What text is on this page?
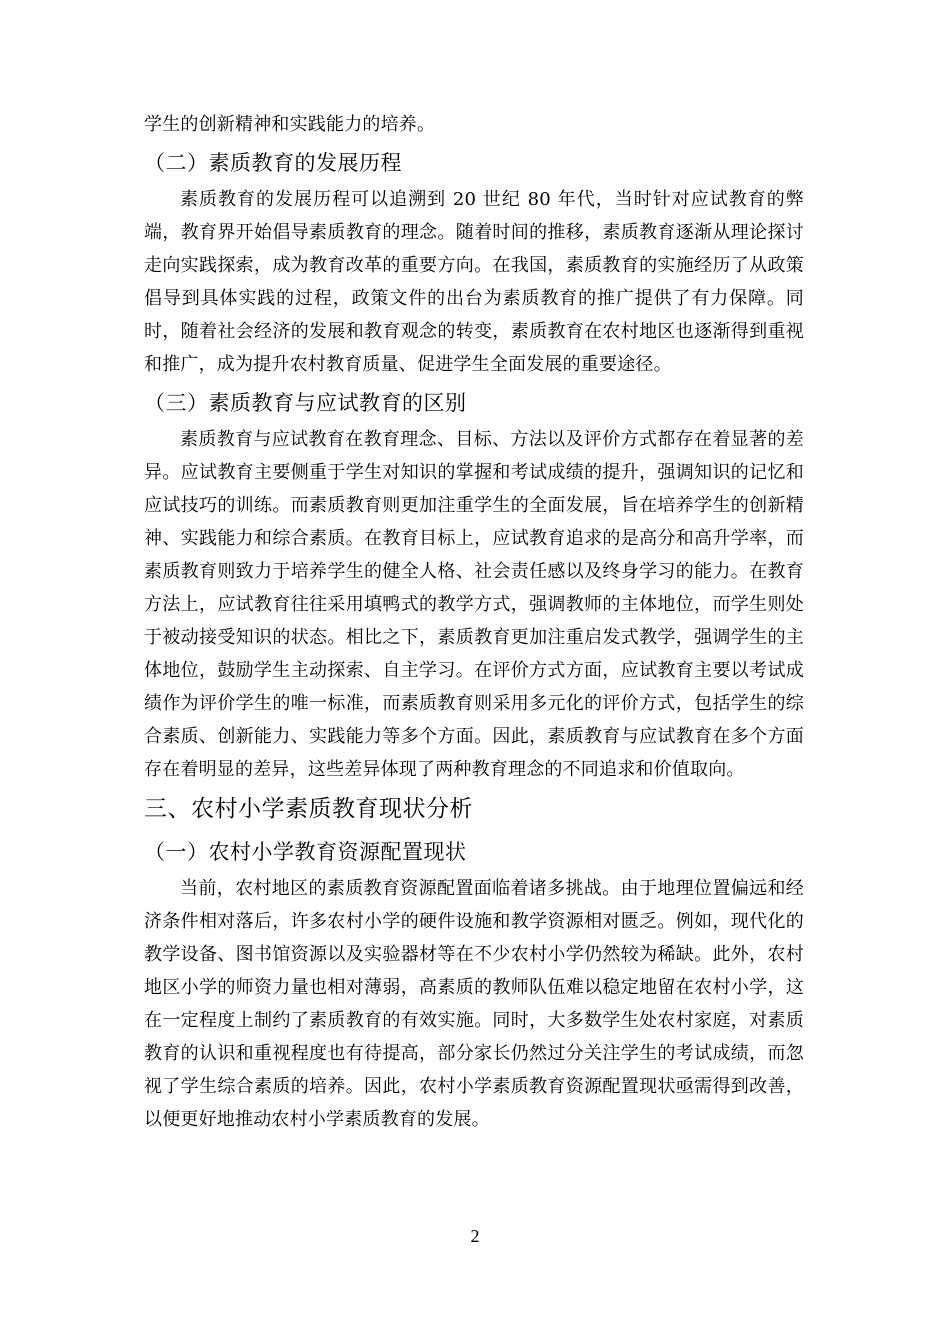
学生的创新精神和实践能力的培养。

（二）素质教育的发展历程

素质教育的发展历程可以追溯到 20 世纪 80 年代，当时针对应试教育的弊端，教育界开始倡导素质教育的理念。随着时间的推移，素质教育逐渐从理论探讨走向实践探索，成为教育改革的重要方向。在我国，素质教育的实施经历了从政策倡导到具体实践的过程，政策文件的出台为素质教育的推广提供了有力保障。同时，随着社会经济的发展和教育观念的转变，素质教育在农村地区也逐渐得到重视和推广，成为提升农村教育质量、促进学生全面发展的重要途径。

（三）素质教育与应试教育的区别

素质教育与应试教育在教育理念、目标、方法以及评价方式都存在着显著的差异。应试教育主要侧重于学生对知识的掌握和考试成绩的提升，强调知识的记忆和应试技巧的训练。而素质教育则更加注重学生的全面发展，旨在培养学生的创新精神、实践能力和综合素质。在教育目标上，应试教育追求的是高分和高升学率，而素质教育则致力于培养学生的健全人格、社会责任感以及终身学习的能力。在教育方法上，应试教育往往采用填鸭式的教学方式，强调教师的主体地位，而学生则处于被动接受知识的状态。相比之下，素质教育更加注重启发式教学，强调学生的主体地位，鼓励学生主动探索、自主学习。在评价方式方面，应试教育主要以考试成绩作为评价学生的唯一标准，而素质教育则采用多元化的评价方式，包括学生的综合素质、创新能力、实践能力等多个方面。因此，素质教育与应试教育在多个方面存在着明显的差异，这些差异体现了两种教育理念的不同追求和价值取向。

三、农村小学素质教育现状分析
（一）农村小学教育资源配置现状

当前，农村地区的素质教育资源配置面临着诸多挑战。由于地理位置偏远和经济条件相对落后，许多农村小学的硬件设施和教学资源相对匮乏。例如，现代化的教学设备、图书馆资源以及实验器材等在不少农村小学仍然较为稀缺。此外，农村地区小学的师资力量也相对薄弱，高素质的教师队伍难以稳定地留在农村小学，这在一定程度上制约了素质教育的有效实施。同时，大多数学生处农村家庭，对素质教育的认识和重视程度也有待提高，部分家长仍然过分关注学生的考试成绩，而忽视了学生综合素质的培养。因此，农村小学素质教育资源配置现状亟需得到改善，以便更好地推动农村小学素质教育的发展。

2
